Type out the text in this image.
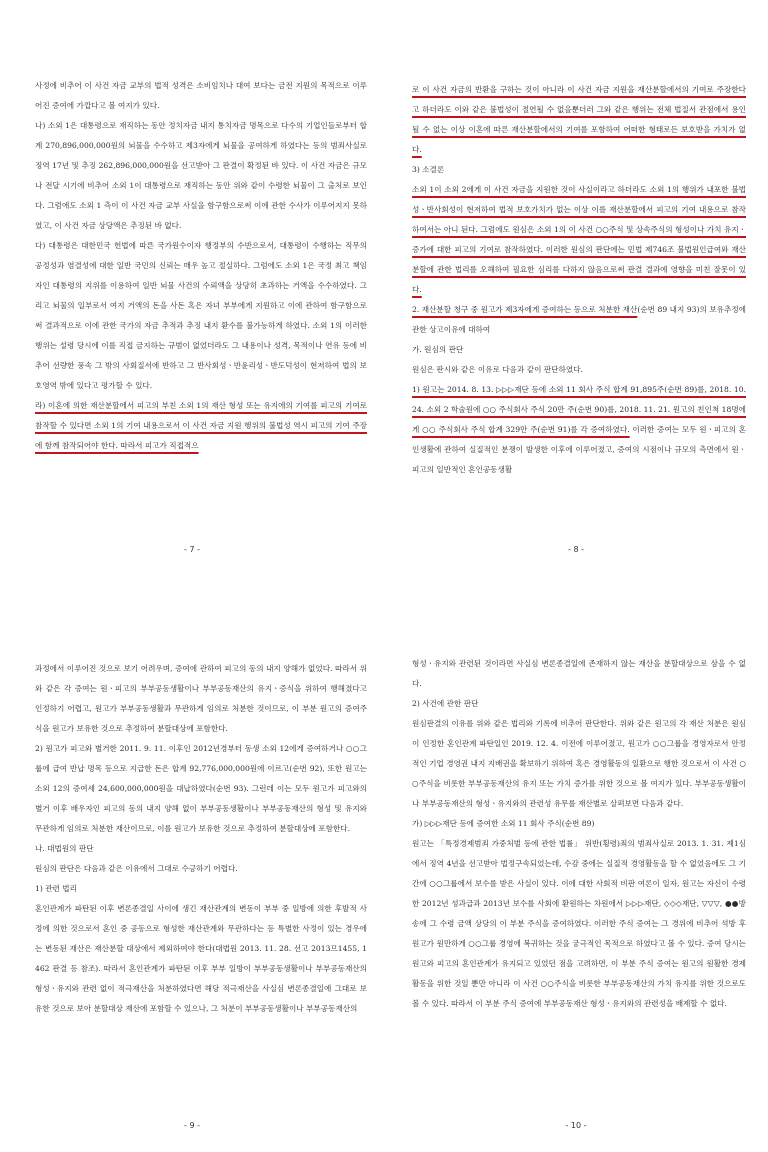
사정에 비추어 이 사건 자금 교부의 법적 성격은 소비임치나 대여 보다는 금전 지원의 목적으로 이루어진 증여에 가깝다고 볼 여지가 있다.

나) 소외 1은 대통령으로 재직하는 동안 정치자금 내지 통치자금 명목으로 다수의 기업인들로부터 합계 270,896,000,000원의 뇌물을 수수하고 제3자에게 뇌물을 공여하게 하였다는 등의 범죄사실로 징역 17년 및 추징 262,896,000,000원을 선고받아 그 판결이 확정된 바 있다. 이 사건 자금은 규모나 전달 시기에 비추어 소외 1이 대통령으로 재직하는 동안 위와 같이 수령한 뇌물이 그 출처로 보인다. 그럼에도 소외 1 측이 이 사건 자금 교부 사실을 함구함으로써 이에 관한 수사가 이루어지지 못하였고, 이 사건 자금 상당액은 추징된 바 없다.

다) 대통령은 대한민국 헌법에 따른 국가원수이자 행정부의 수반으로서, 대통령이 수행하는 직무의 공정성과 염결성에 대한 일반 국민의 신뢰는 매우 높고 절실하다. 그럼에도 소외 1은 국정 최고 책임자인 대통령의 지위를 이용하여 일반 뇌물 사건의 수뢰액을 상당히 초과하는 거액을 수수하였다. 그리고 뇌물의 일부로서 여지 거액의 돈을 사돈 혹은 자녀 부부에게 지원하고 이에 관하여 함구함으로써 결과적으로 이에 관한 국가의 자금 추적과 추징 내지 환수를 불가능하게 하였다. 소외 1의 이러한 행위는 설령 당시에 이를 직접 금지하는 규범이 없었더라도 그 내용이나 성격, 목적이나 연유 등에 비추어 선량한 풍속 그 밖의 사회질서에 반하고 그 반사회성ㆍ반윤리성ㆍ반도덕성이 현저하여 법의 보호영역 밖에 있다고 평가할 수 있다.

라) 이혼에 의한 재산분할에서 피고의 부친 소외 1의 재산 형성 또는 유지에의 기여를 피고의 기여로 참작할 수 있다면 소외 1의 기여 내용으로서 이 사건 자금 지원 행위의 불법성 역시 피고의 기여 주장에 함께 참작되어야 한다. 따라서 피고가 직접적으

- 7 -

로 이 사건 자금의 반환을 구하는 것이 아니라 이 사건 자금 지원을 재산분할에서의 기여로 주장한다고 하더라도 이와 같은 불법성이 절연될 수 없을뿐더러 그와 같은 행위는 전체 법질서 관점에서 용인될 수 없는 이상 이혼에 따른 재산분할에서의 기여를 포함하여 어떠한 형태로든 보호받을 가치가 없다.

3) 소결론

소외 1이 소외 2에게 이 사건 자금을 지원한 것이 사실이라고 하더라도 소외 1의 행위가 내포한 불법성ㆍ반사회성이 현저하여 법적 보호가치가 없는 이상 이를 재산분할에서 피고의 기여 내용으로 참작하여서는 아니 된다. 그럼에도 원심은 소외 1의 이 사건 ○○주식 및 상속주식의 형성이나 가치 유지ㆍ증가에 대한 피고의 기여로 참작하였다. 이러한 원심의 판단에는 민법 제746조 불법원인급여와 재산분할에 관한 법리를 오해하여 필요한 심리를 다하지 않음으로써 판결 결과에 영향을 미친 잘못이 있다.

2. 재산분할 청구 중 원고가 제3자에게 증여하는 등으로 처분한 재산(순번 89 내지 93)의 보유추정에 관한 상고이유에 대하여

가. 원심의 판단

원심은 판시와 같은 이유로 다음과 같이 판단하였다.

1) 원고는 2014. 8. 13. ▷▷▷재단 등에 소외 11 회사 주식 합계 91,895주(순번 89)를, 2018. 10. 24. 소외 2 학술원에 ○○ 주식회사 주식 20만 주(순번 90)를, 2018. 11. 21. 원고의 친인척 18명에게 ○○ 주식회사 주식 합계 329만 주(순번 91)를 각 증여하였다. 이러한 증여는 모두 원ㆍ피고의 혼인생활에 관하여 실질적인 분쟁이 발생한 이후에 이루어졌고, 증여의 시점이나 규모의 측면에서 원ㆍ피고의 일반적인 혼인공동생활

- 8 -

과정에서 이루어진 것으로 보기 어려우며, 증여에 관하여 피고의 동의 내지 양해가 없었다. 따라서 위와 같은 각 증여는 원ㆍ피고의 부부공동생활이나 부부공동재산의 유지ㆍ증식을 위하여 행해졌다고 인정하기 어렵고, 원고가 부부공동생활과 무관하게 임의로 처분한 것이므로, 이 부분 원고의 증여주식을 원고가 보유한 것으로 추정하여 분할대상에 포함한다.

2) 원고가 피고와 별거한 2011. 9. 11. 이후인 2012년경부터 동생 소외 12에게 증여하거나 ○○그룹에 급여 반납 명목 등으로 지급한 돈은 합계 92,776,000,000원에 이르고(순번 92), 또한 원고는 소외 12의 증여세 24,600,000,000원을 대납하였다(순번 93). 그런데 이는 모두 원고가 피고와의 별거 이후 배우자인 피고의 동의 내지 양해 없이 부부공동생활이나 부부공동재산의 형성 및 유지와 무관하게 임의로 처분한 재산이므로, 이를 원고가 보유한 것으로 추정하여 분할대상에 포함한다.

나. 대법원의 판단

원심의 판단은 다음과 같은 이유에서 그대로 수긍하기 어렵다.

1) 관련 법리

혼인관계가 파탄된 이후 변론종결일 사이에 생긴 재산관계의 변동이 부부 중 일방에 의한 후발적 사정에 의한 것으로서 혼인 중 공동으로 형성한 재산관계와 무관하다는 등 특별한 사정이 있는 경우에는 변동된 재산은 재산분할 대상에서 제외하여야 한다(대법원 2013. 11. 28. 선고 2013므1455, 1462 판결 등 참조). 따라서 혼인관계가 파탄된 이후 부부 일방이 부부공동생활이나 부부공동재산의 형성ㆍ유지와 관련 없이 적극재산을 처분하였다면 해당 적극재산을 사실심 변론종결일에 그대로 보유한 것으로 보아 분할대상 재산에 포함할 수 있으나, 그 처분이 부부공동생활이나 부부공동재산의

- 9 -

형성ㆍ유지와 관련된 것이라면 사실심 변론종결일에 존재하지 않는 재산을 분할대상으로 삼을 수 없다.

2) 사건에 관한 판단

원심판결의 이유를 위와 같은 법리와 기록에 비추어 판단한다. 위와 같은 원고의 각 재산 처분은 원심이 인정한 혼인관계 파탄일인 2019. 12. 4. 이전에 이루어졌고, 원고가 ○○그룹을 경영자로서 안정적인 기업 경영권 내지 지배권을 확보하기 위하여 혹은 경영활동의 일환으로 행한 것으로서 이 사건 ○○주식을 비롯한 부부공동재산의 유지 또는 가치 증가를 위한 것으로 볼 여지가 있다. 부부공동생활이나 부부공동재산의 형성ㆍ유지와의 관련성 유무를 재산별로 살펴보면 다음과 같다.

가) ▷▷▷재단 등에 증여한 소외 11 회사 주식(순번 89)

원고는 「특정경제범죄 가중처벌 등에 관한 법률」 위반(횡령)죄의 범죄사실로 2013. 1. 31. 제1심에서 징역 4년을 선고받아 법정구속되었는데, 수감 중에는 실질적 경영활동을 할 수 없었음에도 그 기간에 ○○그룹에서 보수를 받은 사실이 있다. 이에 대한 사회적 비판 여론이 일자, 원고는 자신이 수령한 2012년 성과급과 2013년 보수를 사회에 환원하는 차원에서 ▷▷▷재단, ◇◇◇재단, ▽▽▽, ●●방송에 그 수령 금액 상당의 이 부분 주식을 증여하였다. 이러한 주식 증여는 그 경위에 비추어 석방 후 원고가 원만하게 ○○그룹 경영에 복귀하는 것을 궁극적인 목적으로 하였다고 볼 수 있다. 증여 당시는 원고와 피고의 혼인관계가 유지되고 있었던 점을 고려하면, 이 부분 주식 증여는 원고의 원활한 경제활동을 위한 것일 뿐만 아니라 이 사건 ○○주식을 비롯한 부부공동재산의 가치 유지를 위한 것으로도 볼 수 있다. 따라서 이 부분 주식 증여에 부부공동재산 형성ㆍ유지와의 관련성을 배제할 수 없다.

- 10 -
